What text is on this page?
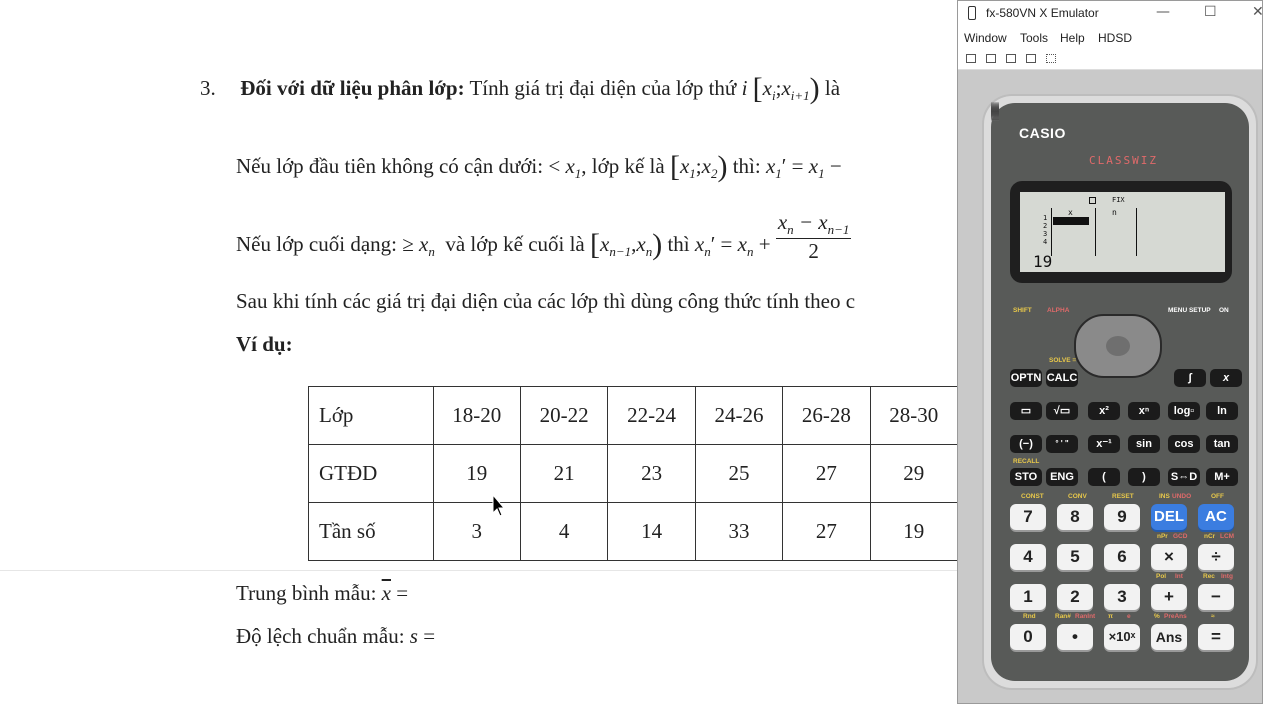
3. Đối với dữ liệu phân lớp: Tính giá trị đại diện của lớp thứ i $[x_i;x_{i+1})$ là
Nếu lớp đầu tiên không có cận dưới: < $x_1$, lớp kế là $[x_1;x_2)$ thì: $x_1' = x_1$ −
Nếu lớp cuối dạng: ≥ $x_n$ và lớp kế cuối là $[x_{n-1},x_n)$ thì $x_n' = x_n + \frac{x_n - x_{n-1}}{2}$
Sau khi tính các giá trị đại diện của các lớp thì dùng công thức tính theo c
Ví dụ:
Lớp	18-20	20-22	22-24	24-26	26-28	28-30
GTĐD	19	21	23	25	27	29
Tần số	3	4	14	33	27	19
Trung bình mẫu: $\overline{x}$ =
Độ lệch chuẩn mẫu: s =
fx-580VN X Emulator	— ☐	✕
Window Tools Help HDSD
CASIO
CLASSWIZ
FIX
x	n
1
2
3
4
19
SHIFT ALPHA	MENU SETUP ON
SOLVE =
OPTN CALC	∫	x
▭	√▭	x²	xⁿ	log▫	ln
(−)	° ' "	x⁻¹	sin	cos	tan
RECALL
STO	ENG	(	)	S⇔D	M+
CONST	CONV	RESET	INS UNDO	OFF
7	8	9	DEL	AC
nPr GCD	nCr LCM
4	5	6	×	÷
Pol Int	Rec Intg
1	2	3	+	−
Rnd	Ran# RanInt π e	% PreAns	≈
0	•	×10ˣ	Ans	=
